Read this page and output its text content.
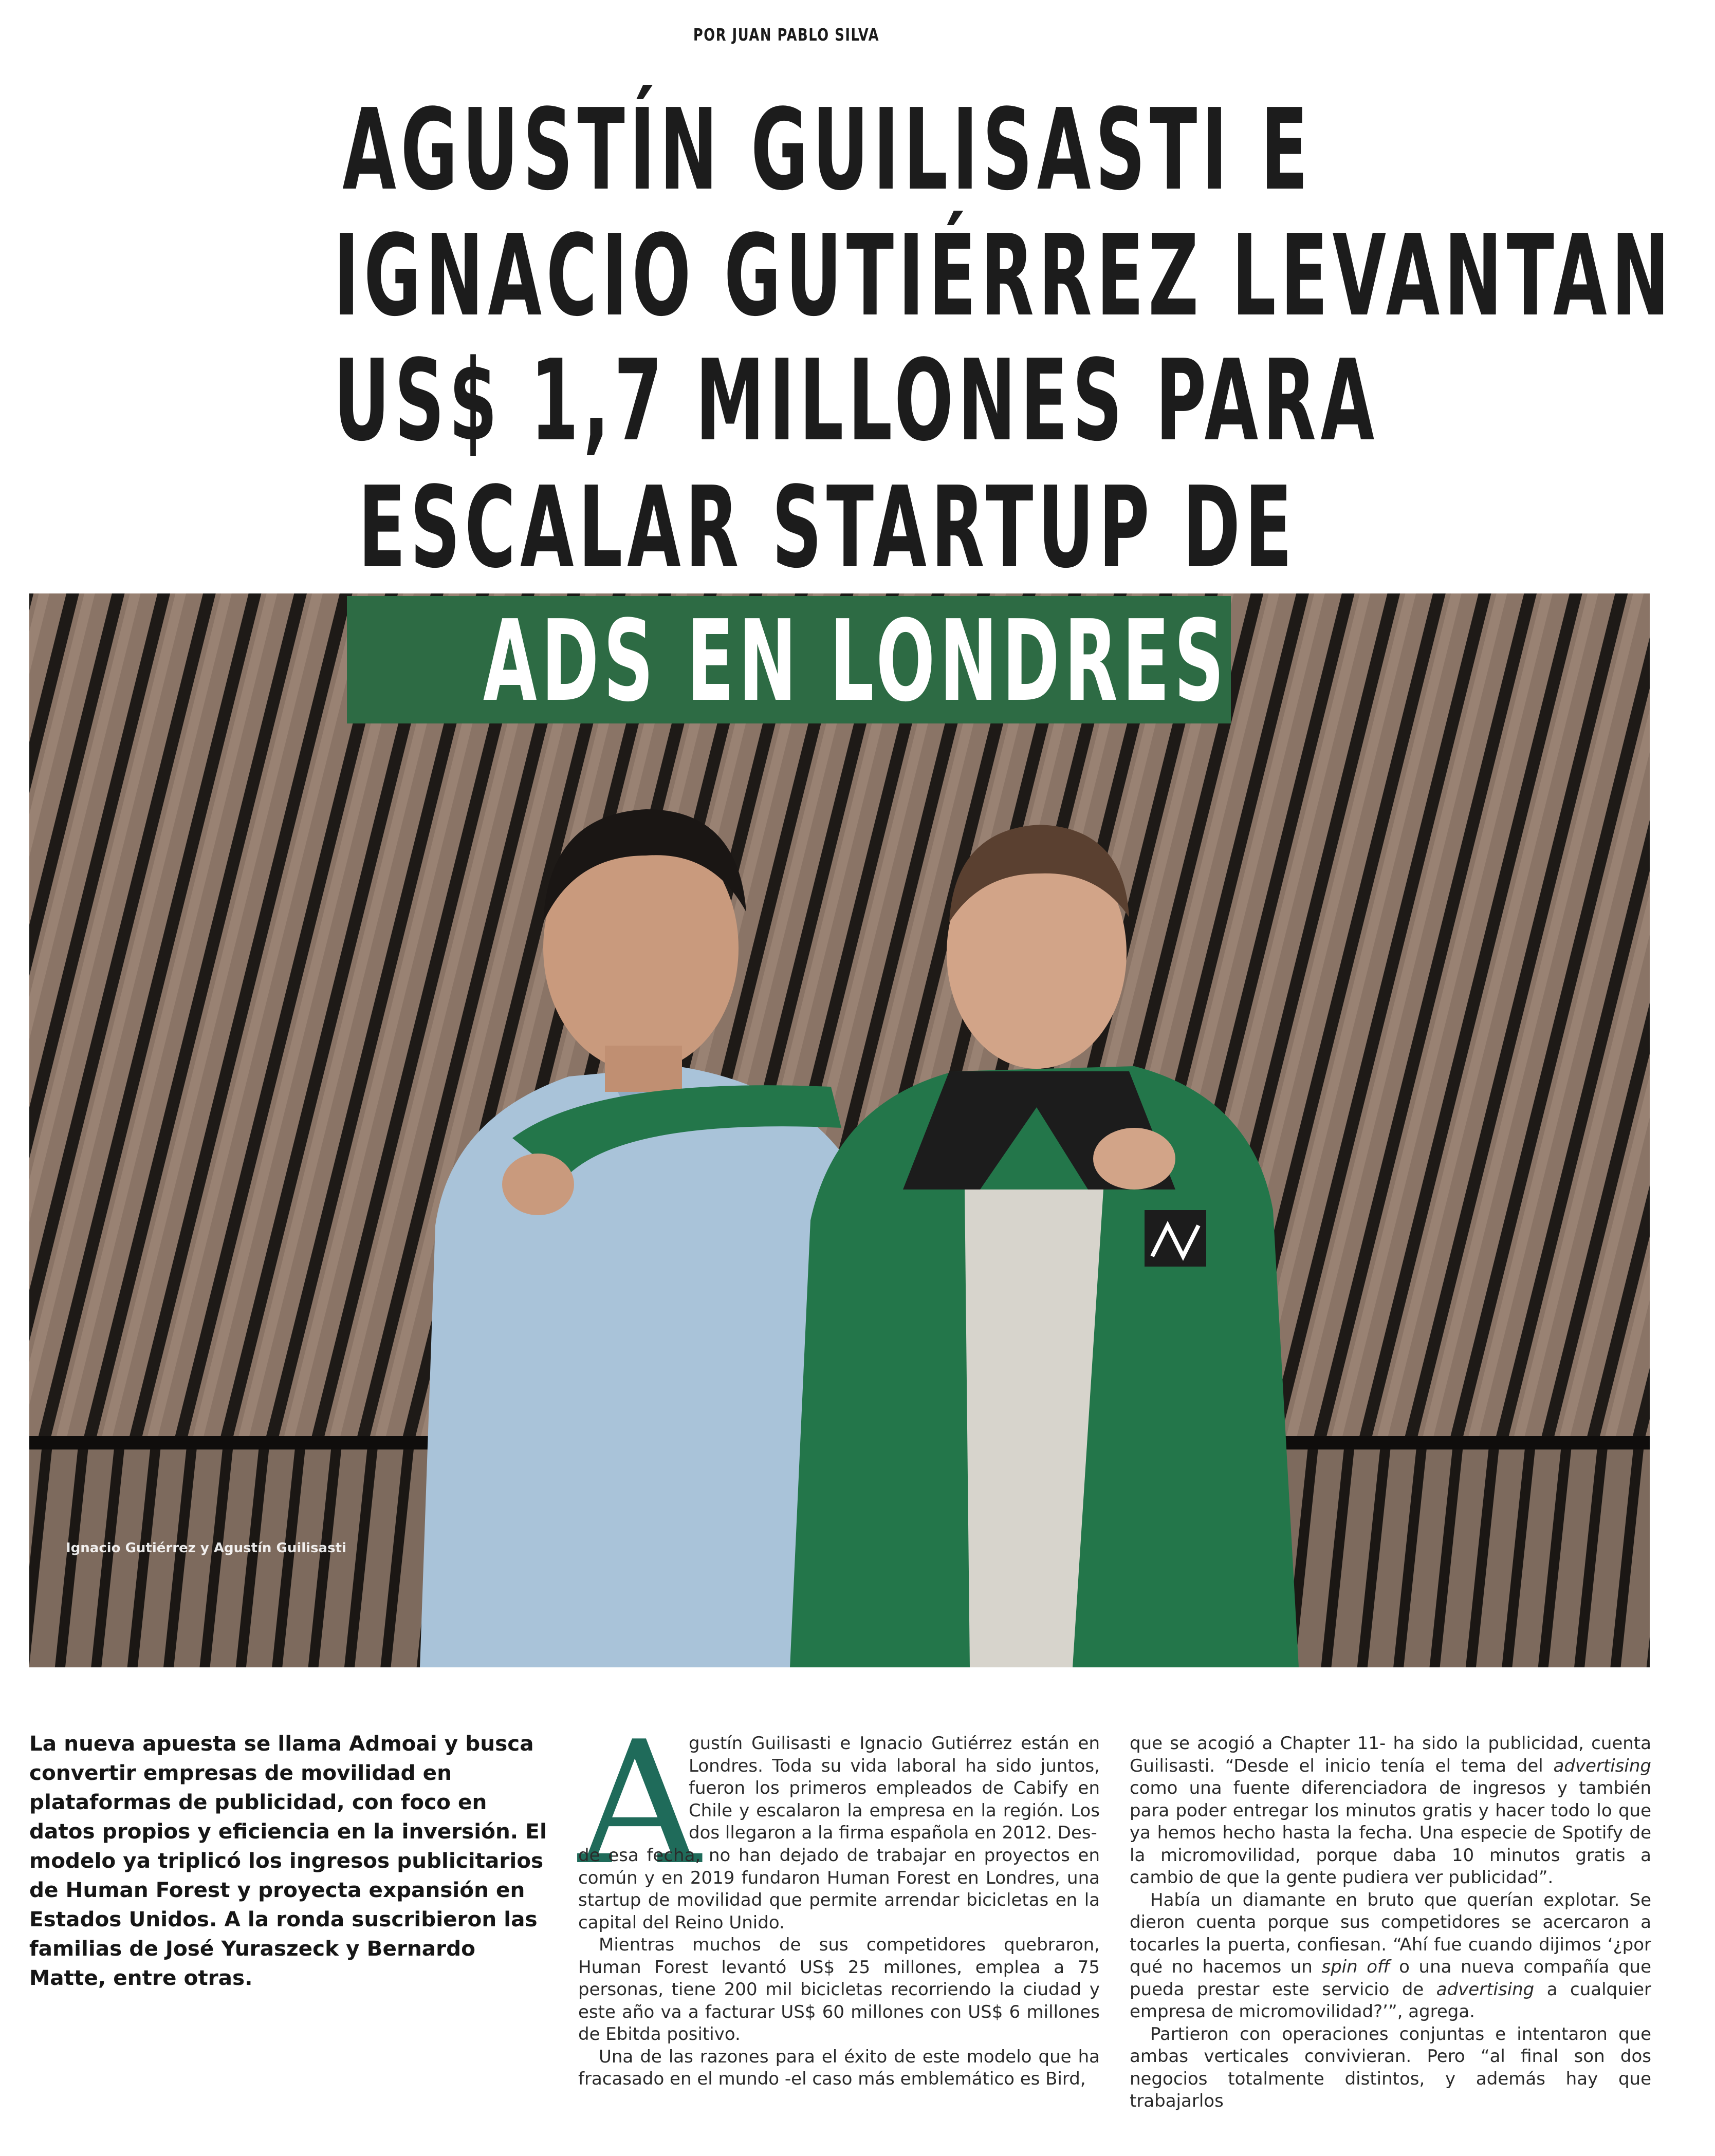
POR JUAN PABLO SILVA
AGUSTÍN GUILISASTI E
IGNACIO GUTIÉRREZ LEVANTAN
US$ 1,7 MILLONES PARA
ESCALAR STARTUP DE
ADS EN LONDRES
Ignacio Gutiérrez y Agustín Guilisasti
La nueva apuesta se llama Admoai y busca convertir empresas de movilidad en plataformas de publicidad, con foco en datos propios y eficiencia en la inversión. El modelo ya triplicó los ingresos publicitarios de Human Forest y proyecta expansión en Estados Unidos. A la ronda suscribieron las familias de José Yuraszeck y Bernardo Matte, entre otras.
A

gustín Guilisasti e Ignacio Gutiérrez están en Londres. Toda su vida laboral ha sido juntos, fueron los primeros empleados de Cabify en Chile y escalaron la empresa en la región. Los dos llegaron a la firma española en 2012. Des-

de esa fecha, no han dejado de trabajar en proyectos en común y en 2019 fundaron Human Forest en Londres, una startup de movilidad que permite arrendar bicicletas en la capital del Reino Unido.

Mientras muchos de sus competidores quebraron, Human Forest levantó US$ 25 millones, emplea a 75 personas, tiene 200 mil bicicletas recorriendo la ciudad y este año va a facturar US$ 60 millones con US$ 6 millones de Ebitda positivo.

Una de las razones para el éxito de este modelo que ha fracasado en el mundo -el caso más emblemático es Bird,

que se acogió a Chapter 11- ha sido la publicidad, cuenta Guilisasti. “Desde el inicio tenía el tema del advertising como una fuente diferenciadora de ingresos y también para poder entregar los minutos gratis y hacer todo lo que ya hemos hecho hasta la fecha. Una especie de Spotify de la micromovilidad, porque daba 10 minutos gratis a cambio de que la gente pudiera ver publicidad”.

Había un diamante en bruto que querían explotar. Se dieron cuenta porque sus competidores se acercaron a tocarles la puerta, confiesan. “Ahí fue cuando dijimos ‘¿por qué no hacemos un spin off o una nueva compañía que pueda prestar este servicio de advertising a cualquier empresa de micromovilidad?’”, agrega.

Partieron con operaciones conjuntas e intentaron que ambas verticales convivieran. Pero “al final son dos negocios totalmente distintos, y además hay que trabajarlos
